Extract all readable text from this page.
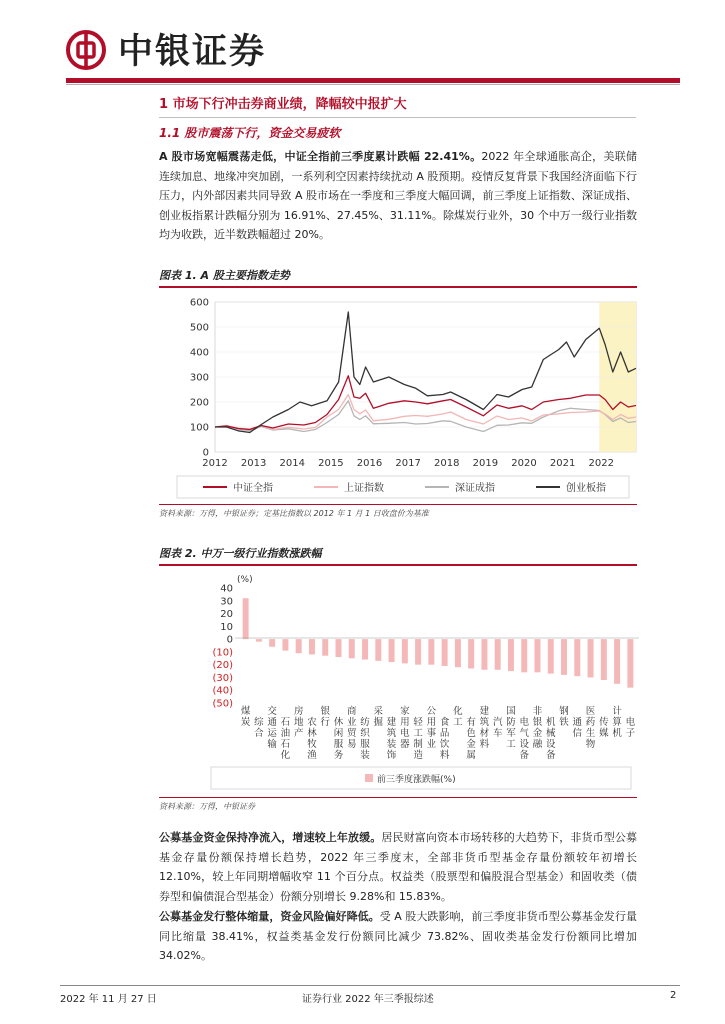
中银证券
1 市场下行冲击券商业绩，降幅较中报扩大
1.1 股市震荡下行，资金交易疲软

A 股市场宽幅震荡走低，中证全指前三季度累计跌幅 22.41%。2022 年全球通胀高企，美联储连续加息、地缘冲突加剧，一系列利空因素持续扰动 A 股预期。疫情反复背景下我国经济面临下行压力，内外部因素共同导致 A 股市场在一季度和三季度大幅回调，前三季度上证指数、深证成指、创业板指累计跌幅分别为 16.91%、27.45%、31.11%。除煤炭行业外，30 个中万一级行业指数均为收跌，近半数跌幅超过 20%。

图表 1. A 股主要指数走势
0
100
200
300
400
500
600
2012 2013 2014 2015 2016 2017 2018 2019 2020 2021 2022
中证全指	上证指数	深证成指	创业板指
资料来源：万得，中银证券；定基比指数以 2012 年 1 月 1 日收盘价为基准
图表 2. 中万一级行业指数涨跌幅
(%)
40
30
20
10
0
(10)
(20)
(30)
(40)
(50)
煤炭 综合
交通运输
石油石化
房地产
农林牧渔
银行 休闲服务
商业贸易
纺织服装
采掘 建筑装饰
家用电器
轻工制造
公用事业
食品饮料
化工 有色金属
建筑材料
汽车
国防军工
电气设备
非银金融
机械设备
钢铁 通信
医药生物
传媒
计算机
电子
前三季度涨跌幅(%)
资料来源：万得，中银证券

公募基金资金保持净流入，增速较上年放缓。居民财富向资本市场转移的大趋势下，非货币型公募基金存量份额保持增长趋势，2022 年三季度末，全部非货币型基金存量份额较年初增长 12.10%，较上年同期增幅收窄 11 个百分点。权益类（股票型和偏股混合型基金）和固收类（债券型和偏债混合型基金）份额分别增长 9.28%和 15.83%。

公募基金发行整体缩量，资金风险偏好降低。受 A 股大跌影响，前三季度非货币型公募基金发行量同比缩量 38.41%，权益类基金发行份额同比减少 73.82%、固收类基金发行份额同比增加 34.02%。

2022 年 11 月 27 日	证券行业 2022 年三季报综述	2
